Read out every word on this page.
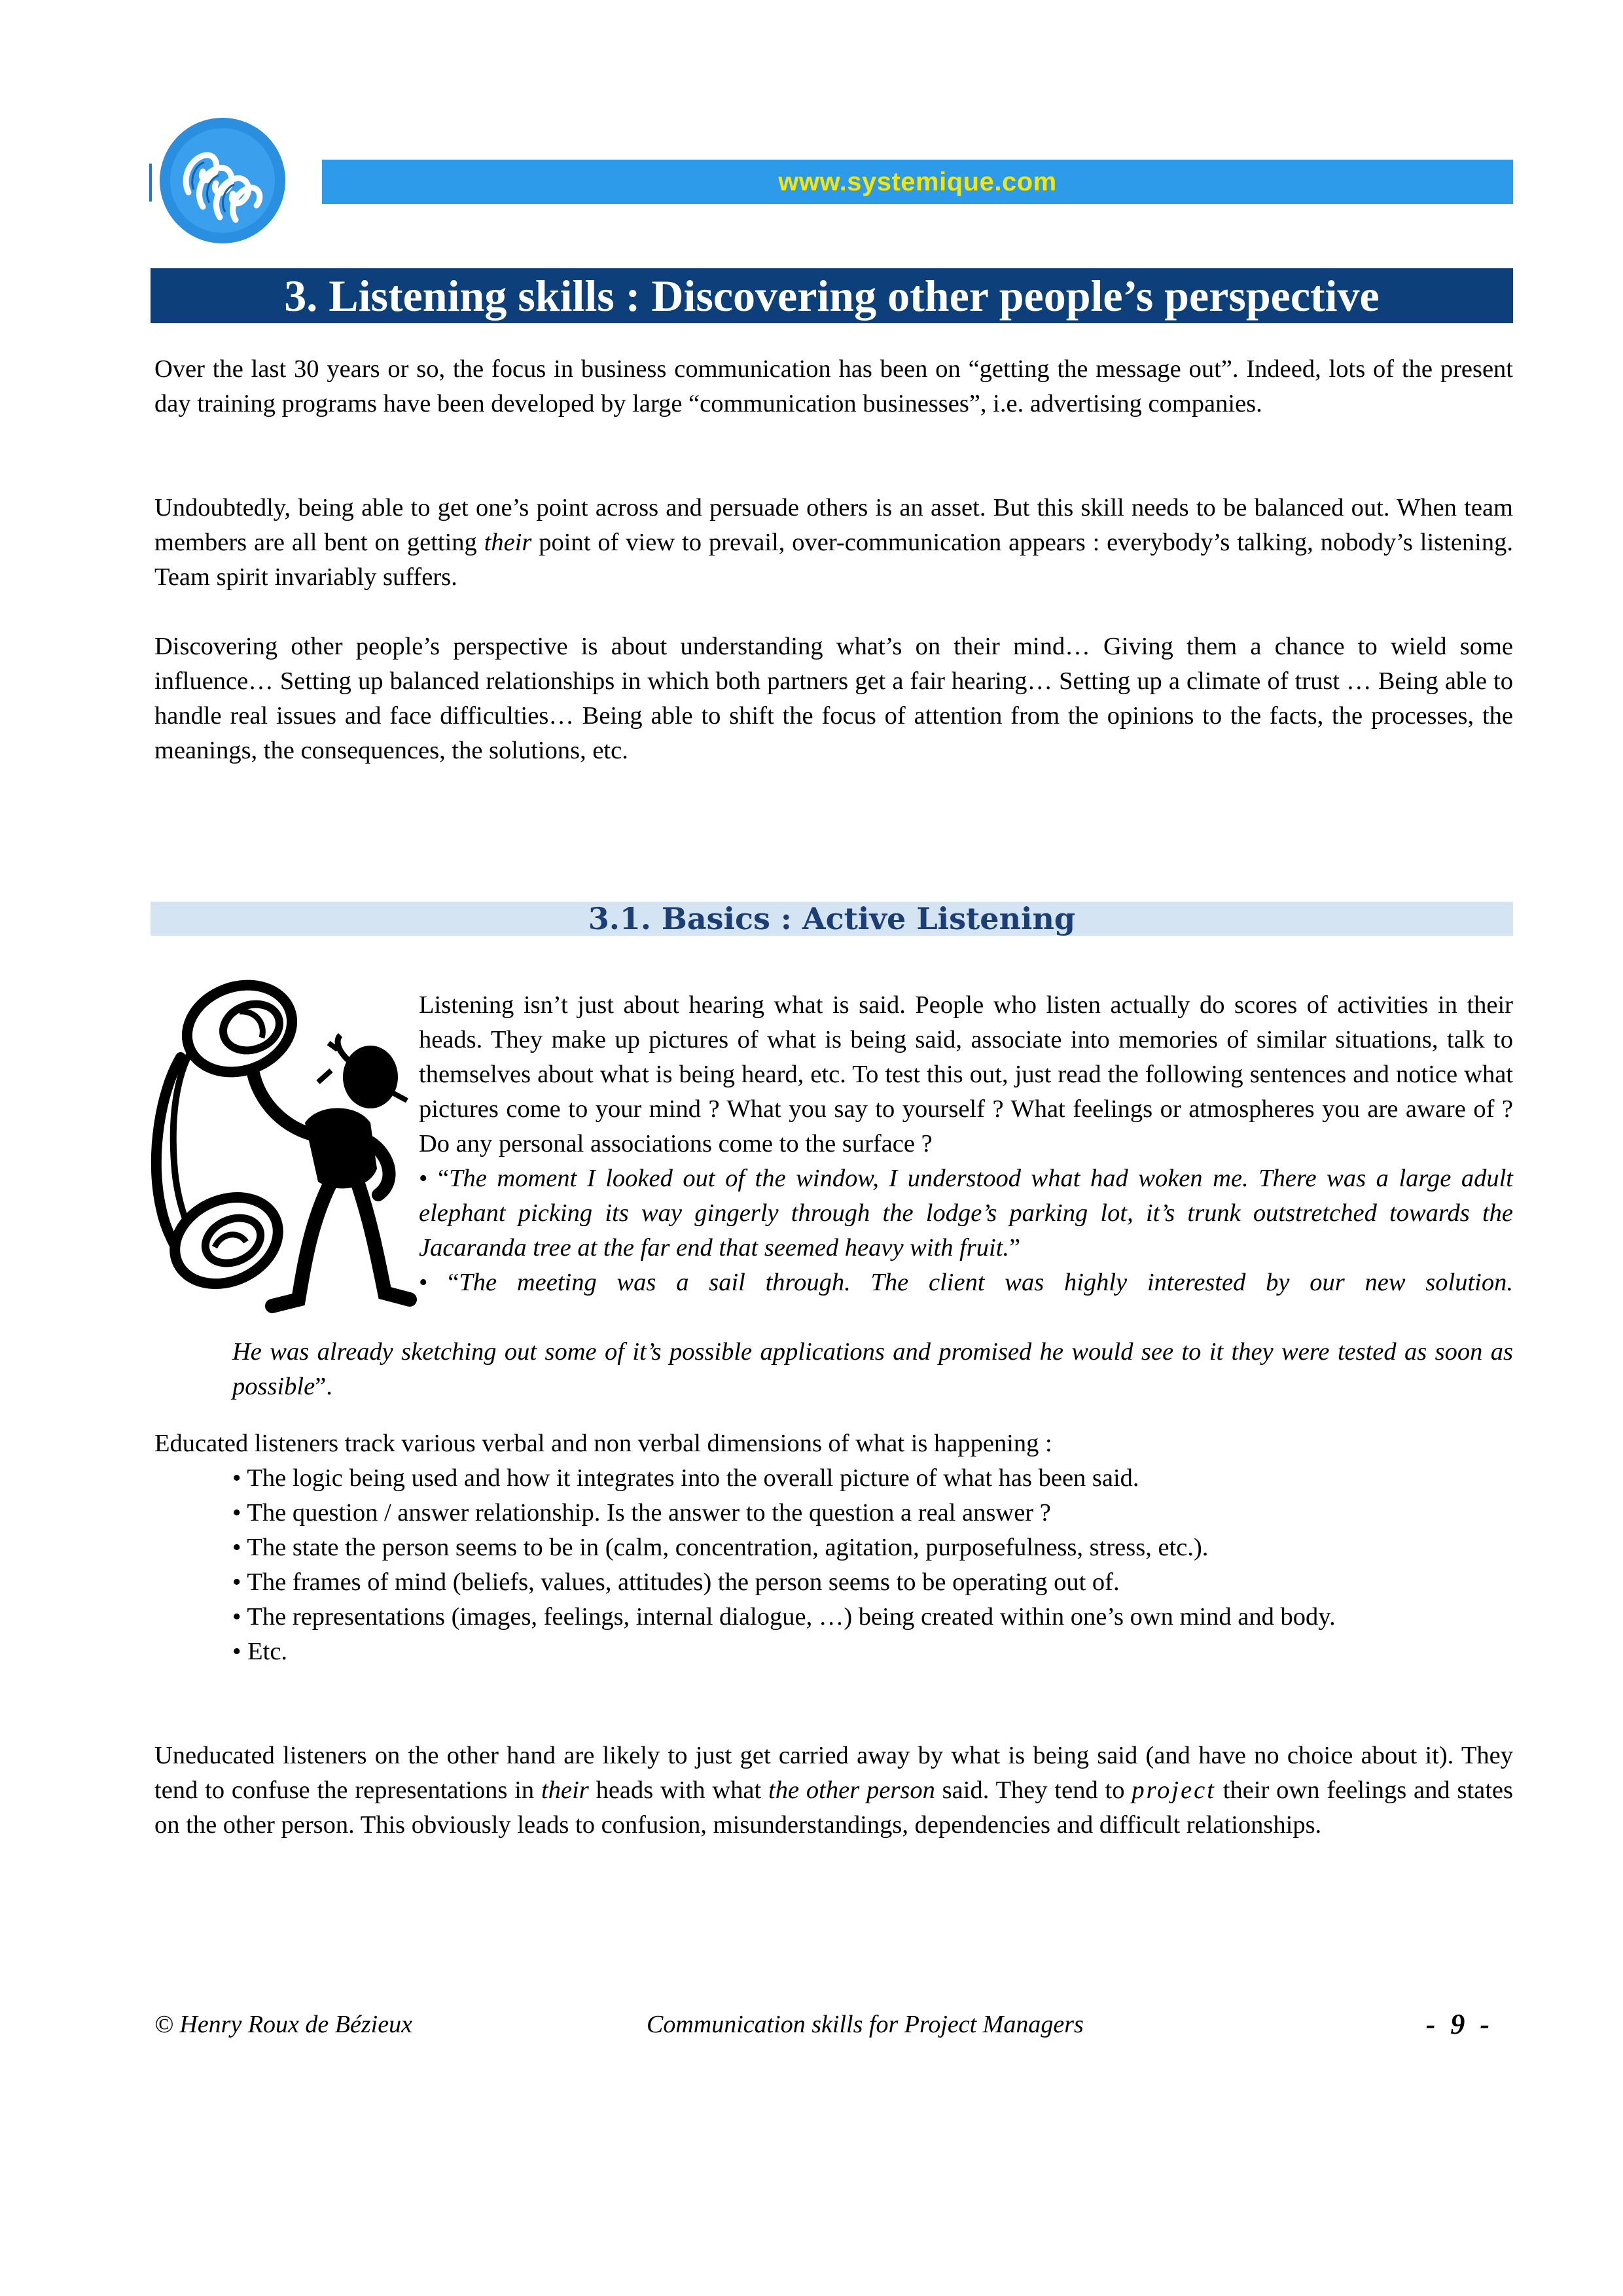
www.systemique.com
3. Listening skills : Discovering other people’s perspective

Over the last 30 years or so, the focus in business communication has been on “getting the message out”. Indeed, lots of the present day training programs have been developed by large “communication businesses”, i.e. advertising companies.

Undoubtedly, being able to get one’s point across and persuade others is an asset. But this skill needs to be balanced out. When team members are all bent on getting their point of view to prevail, over-communication appears : everybody’s talking, nobody’s listening. Team spirit invariably suffers.

Discovering other people’s perspective is about understanding what’s on their mind… Giving them a chance to wield some influence… Setting up balanced relationships in which both partners get a fair hearing… Setting up a climate of trust … Being able to handle real issues and face difficulties… Being able to shift the focus of attention from the opinions to the facts, the processes, the meanings, the consequences, the solutions, etc.

3.1. Basics : Active Listening
Listening isn’t just about hearing what is said. People who listen actually do scores of activities in their heads. They make up pictures of what is being said, associate into memories of similar situations, talk to themselves about what is being heard, etc. To test this out, just read the following sentences and notice what pictures come to your mind ? What you say to yourself ? What feelings or atmospheres you are aware of ? Do any personal associations come to the surface ?
• “The moment I looked out of the window, I understood what had woken me. There was a large adult elephant picking its way gingerly through the lodge’s parking lot, it’s trunk outstretched towards the Jacaranda tree at the far end that seemed heavy with fruit.”
• “The meeting was a sail through. The client was highly interested by our new solution.
He was already sketching out some of it’s possible applications and promised he would see to it they were tested as soon as possible”.

Educated listeners track various verbal and non verbal dimensions of what is happening :

• The logic being used and how it integrates into the overall picture of what has been said.
• The question / answer relationship. Is the answer to the question a real answer ?
• The state the person seems to be in (calm, concentration, agitation, purposefulness, stress, etc.).
• The frames of mind (beliefs, values, attitudes) the person seems to be operating out of.
• The representations (images, feelings, internal dialogue, …) being created within one’s own mind and body.
• Etc.

Uneducated listeners on the other hand are likely to just get carried away by what is being said (and have no choice about it). They tend to confuse the representations in their heads with what the other person said. They tend to project their own feelings and states on the other person. This obviously leads to confusion, misunderstandings, dependencies and difficult relationships.

© Henry Roux de Bézieux	Communication skills for Project Managers	- 9 -
